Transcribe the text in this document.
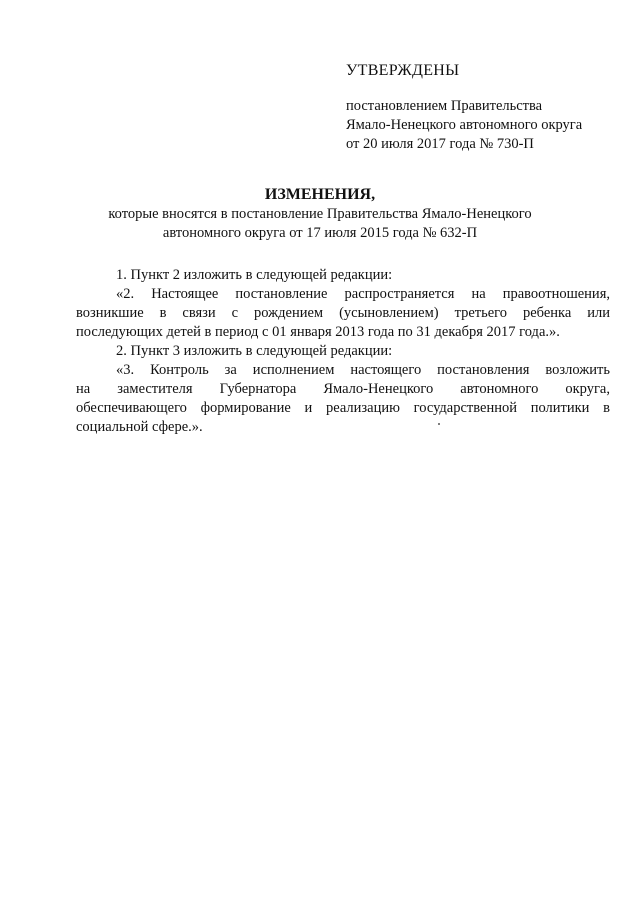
УТВЕРЖДЕНЫ
постановлением Правительства
Ямало-Ненецкого автономного округа
от 20 июля 2017 года № 730-П
ИЗМЕНЕНИЯ,
которые вносятся в постановление Правительства Ямало-Ненецкого
автономного округа от 17 июля 2015 года № 632-П

1. Пункт 2 изложить в следующей редакции:

«2. Настоящее постановление распространяется на правоотношения,

возникшие в связи с рождением (усыновлением) третьего ребенка или

последующих детей в период с 01 января 2013 года по 31 декабря 2017 года.».

2. Пункт 3 изложить в следующей редакции:

«3. Контроль за исполнением настоящего постановления возложить

на заместителя Губернатора Ямало-Ненецкого автономного округа,

обеспечивающего формирование и реализацию государственной политики в

социальной сфере.».
